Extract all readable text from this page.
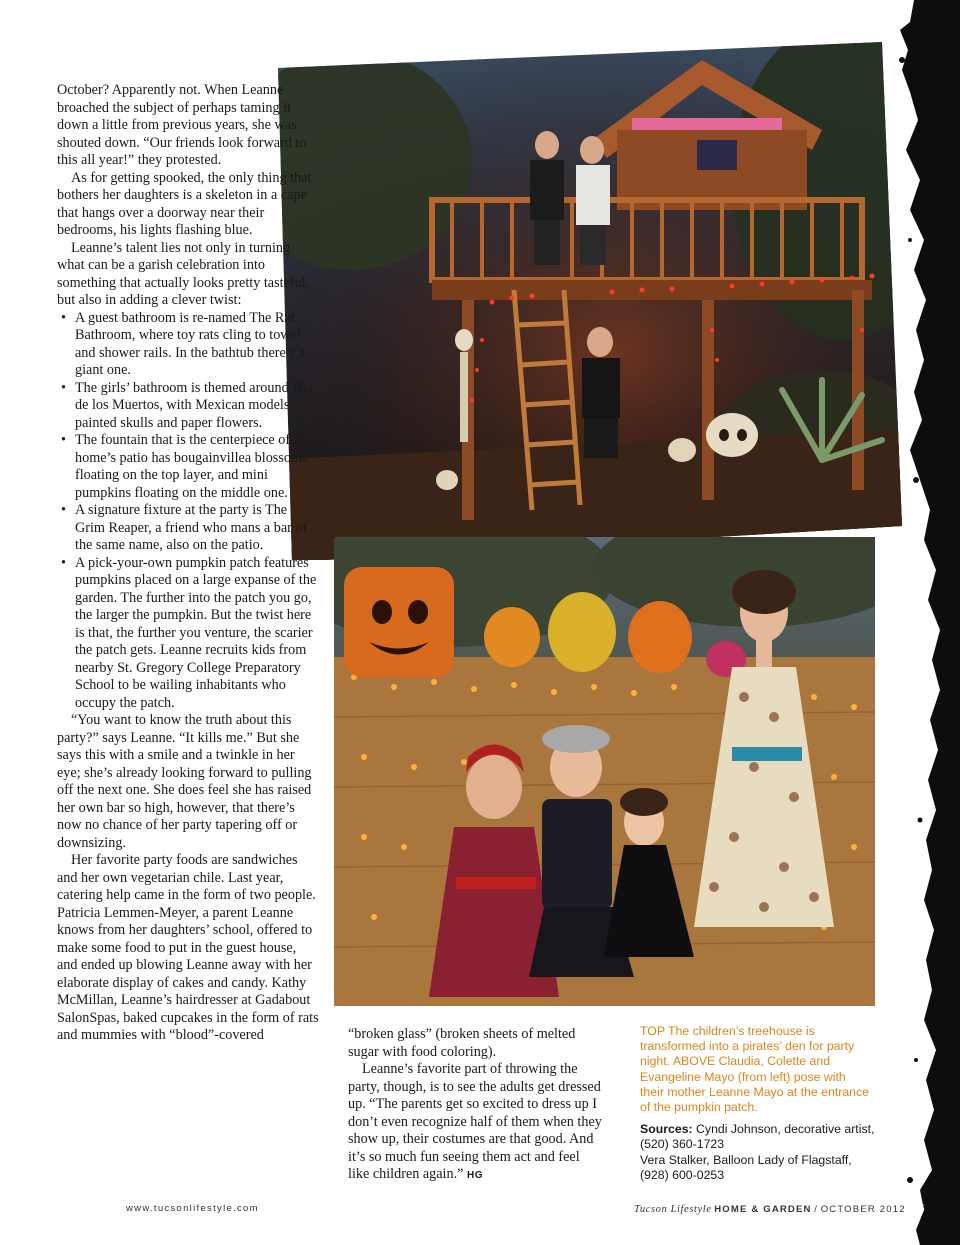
October? Apparently not. When Leanne broached the subject of perhaps taming it down a little from previous years, she was shouted down. “Our friends look forward to this all year!” they protested.

As for getting spooked, the only thing that bothers her daughters is a skeleton in a cape that hangs over a doorway near their bedrooms, his lights flashing blue.

Leanne’s talent lies not only in turning what can be a garish celebration into something that actually looks pretty tasteful, but also in adding a clever twist:

• A guest bathroom is re-named The Rat Bathroom, where toy rats cling to towel and shower rails. In the bathtub there’s a giant one.
• The girls’ bathroom is themed around Dia de los Muertos, with Mexican models, painted skulls and paper flowers.
• The fountain that is the centerpiece of the home’s patio has bougainvillea blossoms floating on the top layer, and mini pumpkins floating on the middle one.
• A signature fixture at the party is The Grim Reaper, a friend who mans a bar of the same name, also on the patio.
• A pick-your-own pumpkin patch features pumpkins placed on a large expanse of the garden. The further into the patch you go, the larger the pumpkin. But the twist here is that, the further you venture, the scarier the patch gets. Leanne recruits kids from nearby St. Gregory College Preparatory School to be wailing inhabitants who occupy the patch.

“You want to know the truth about this party?” says Leanne. “It kills me.” But she says this with a smile and a twinkle in her eye; she’s already looking forward to pulling off the next one. She does feel she has raised her own bar so high, however, that there’s now no chance of her party tapering off or downsizing.

Her favorite party foods are sandwiches and her own vegetarian chile. Last year, catering help came in the form of two people. Patricia Lemmen-Meyer, a parent Leanne knows from her daughters’ school, offered to make some food to put in the guest house, and ended up blowing Leanne away with her elaborate display of cakes and candy. Kathy McMillan, Leanne’s hairdresser at Gadabout SalonSpas, baked cupcakes in the form of rats and mummies with “blood”-covered	“broken glass” (broken sheets of melted sugar with food coloring).

Leanne’s favorite part of throwing the party, though, is to see the adults get dressed up. “The parents get so excited to dress up I don’t even recognize half of them when they show up, their costumes are that good. And it’s so much fun seeing them act and feel like children again.” HG

TOP The children’s treehouse is transformed into a pirates’ den for party night. ABOVE Claudia, Colette and Evangeline Mayo (from left) pose with their mother Leanne Mayo at the entrance of the pumpkin patch.
Sources: Cyndi Johnson, decorative artist, (520) 360-1723
Vera Stalker, Balloon Lady of Flagstaff, (928) 600-0253
www.tucsonlifestyle.com	Tucson Lifestyle HOME & GARDEN / OCTOBER 2012 45
